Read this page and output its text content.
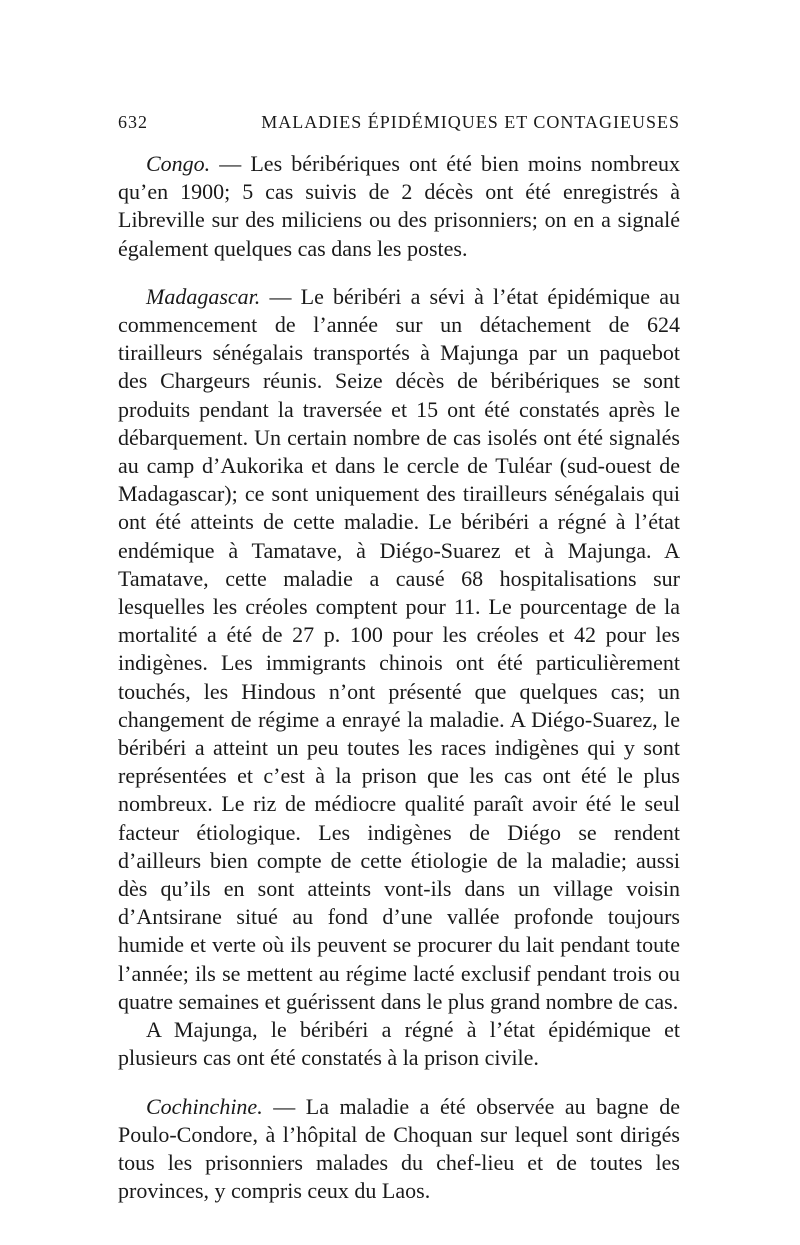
632	MALADIES ÉPIDÉMIQUES ET CONTAGIEUSES

Congo. — Les béribériques ont été bien moins nombreux qu’en 1900; 5 cas suivis de 2 décès ont été enregistrés à Libreville sur des miliciens ou des prisonniers; on en a signalé également quelques cas dans les postes.

Madagascar. — Le béribéri a sévi à l’état épidémique au commencement de l’année sur un détachement de 624 tirailleurs sénégalais transportés à Majunga par un paquebot des Chargeurs réunis. Seize décès de béribériques se sont produits pendant la traversée et 15 ont été constatés après le débarquement. Un certain nombre de cas isolés ont été signalés au camp d’Aukorika et dans le cercle de Tuléar (sud-ouest de Madagascar); ce sont uniquement des tirailleurs sénégalais qui ont été atteints de cette maladie. Le béribéri a régné à l’état endémique à Tamatave, à Diégo-Suarez et à Majunga. A Tamatave, cette maladie a causé 68 hospitalisations sur lesquelles les créoles comptent pour 11. Le pourcentage de la mortalité a été de 27 p. 100 pour les créoles et 42 pour les indigènes. Les immigrants chinois ont été particulièrement touchés, les Hindous n’ont présenté que quelques cas; un changement de régime a enrayé la maladie. A Diégo-Suarez, le béribéri a atteint un peu toutes les races indigènes qui y sont représentées et c’est à la prison que les cas ont été le plus nombreux. Le riz de médiocre qualité paraît avoir été le seul facteur étiologique. Les indigènes de Diégo se rendent d’ailleurs bien compte de cette étiologie de la maladie; aussi dès qu’ils en sont atteints vont-ils dans un village voisin d’Antsirane situé au fond d’une vallée profonde toujours humide et verte où ils peuvent se procurer du lait pendant toute l’année; ils se mettent au régime lacté exclusif pendant trois ou quatre semaines et guérissent dans le plus grand nombre de cas.

A Majunga, le béribéri a régné à l’état épidémique et plusieurs cas ont été constatés à la prison civile.

Cochinchine. — La maladie a été observée au bagne de Poulo-Condore, à l’hôpital de Choquan sur lequel sont dirigés tous les prisonniers malades du chef-lieu et de toutes les provinces, y compris ceux du Laos.
